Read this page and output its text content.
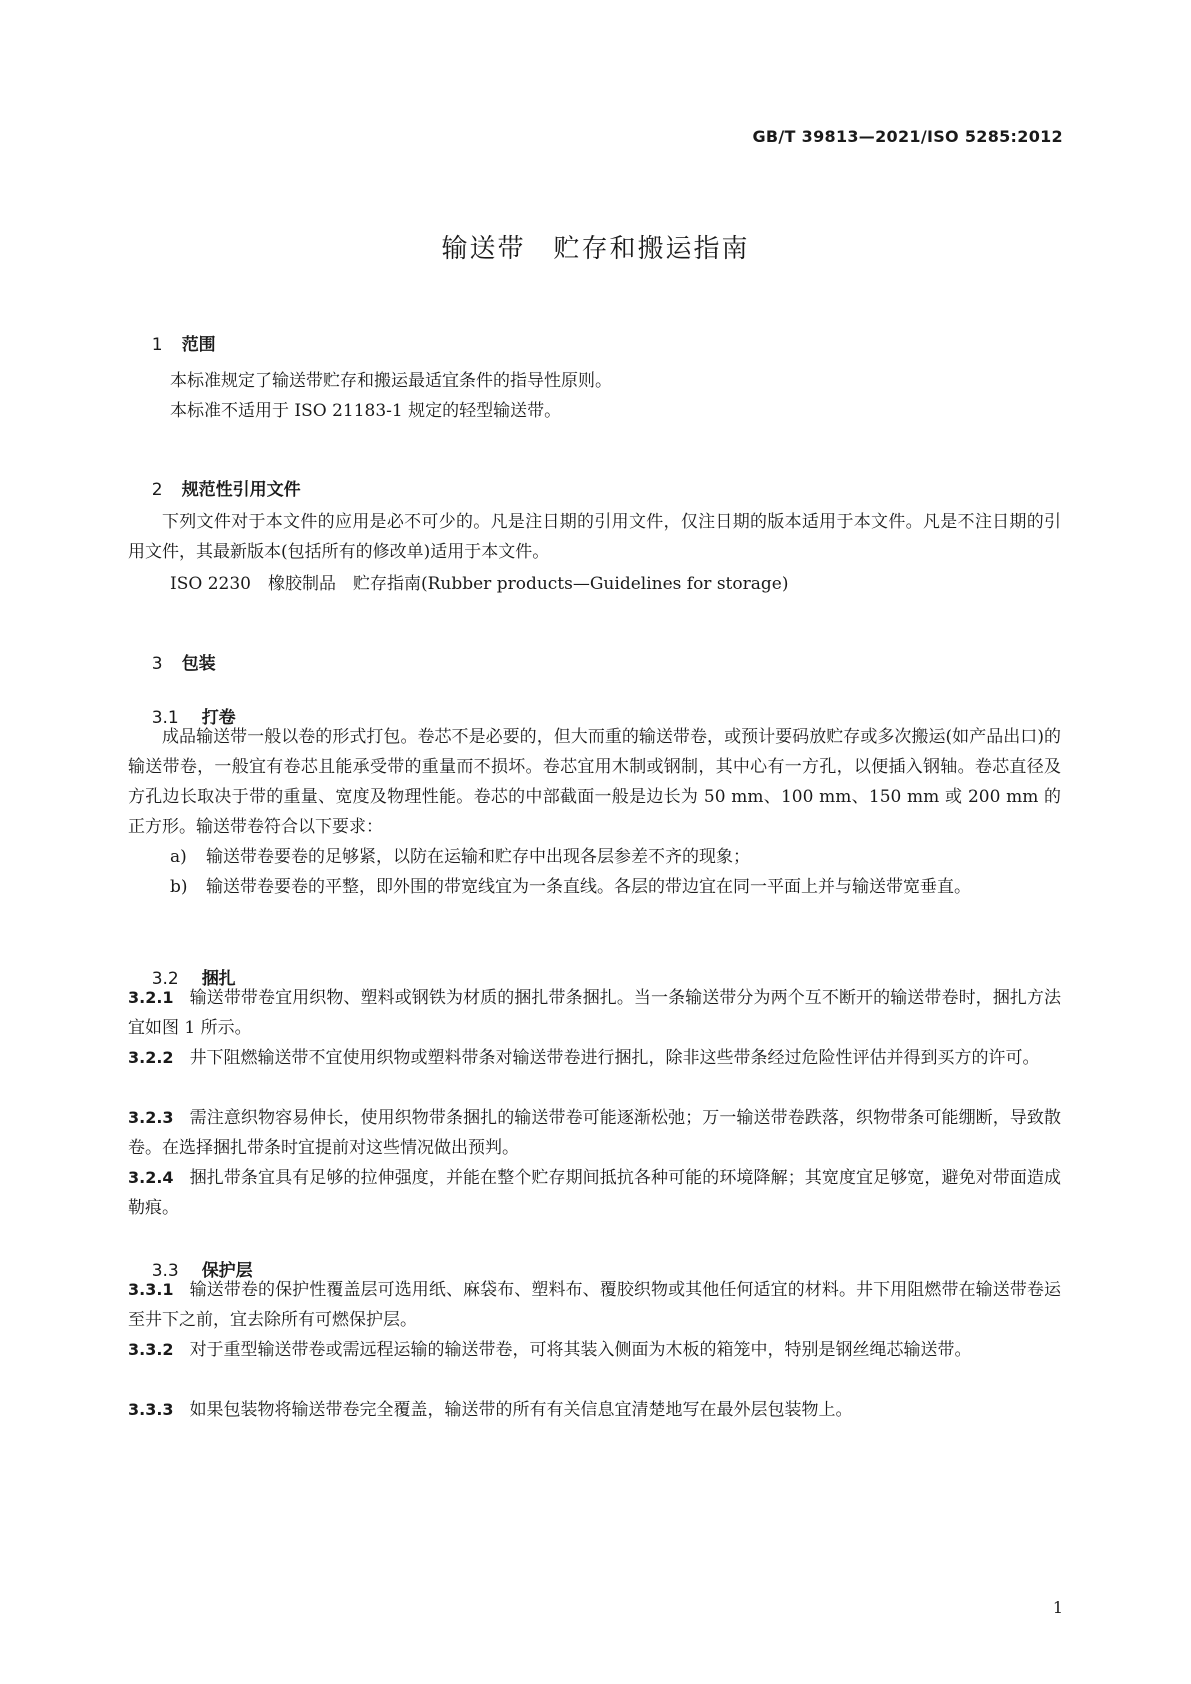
GB/T 39813—2021/ISO 5285:2012
输送带　贮存和搬运指南

1 范围

本标准规定了输送带贮存和搬运最适宜条件的指导性原则。
本标准不适用于 ISO 21183-1 规定的轻型输送带。

2 规范性引用文件

下列文件对于本文件的应用是必不可少的。凡是注日期的引用文件，仅注日期的版本适用于本文件。凡是不注日期的引用文件，其最新版本(包括所有的修改单)适用于本文件。
ISO 2230　橡胶制品　贮存指南(Rubber products—Guidelines for storage)

3 包装

3.1 打卷

成品输送带一般以卷的形式打包。卷芯不是必要的，但大而重的输送带卷，或预计要码放贮存或多次搬运(如产品出口)的输送带卷，一般宜有卷芯且能承受带的重量而不损坏。卷芯宜用木制或钢制，其中心有一方孔，以便插入钢轴。卷芯直径及方孔边长取决于带的重量、宽度及物理性能。卷芯的中部截面一般是边长为 50 mm、100 mm、150 mm 或 200 mm 的正方形。输送带卷符合以下要求：
a) 输送带卷要卷的足够紧，以防在运输和贮存中出现各层参差不齐的现象；
b) 输送带卷要卷的平整，即外围的带宽线宜为一条直线。各层的带边宜在同一平面上并与输送带宽垂直。

3.2 捆扎

3.2.1 输送带带卷宜用织物、塑料或钢铁为材质的捆扎带条捆扎。当一条输送带分为两个互不断开的输送带卷时，捆扎方法宜如图 1 所示。
3.2.2 井下阻燃输送带不宜使用织物或塑料带条对输送带卷进行捆扎，除非这些带条经过危险性评估并得到买方的许可。
3.2.3 需注意织物容易伸长，使用织物带条捆扎的输送带卷可能逐渐松弛；万一输送带卷跌落，织物带条可能绷断，导致散卷。在选择捆扎带条时宜提前对这些情况做出预判。
3.2.4 捆扎带条宜具有足够的拉伸强度，并能在整个贮存期间抵抗各种可能的环境降解；其宽度宜足够宽，避免对带面造成勒痕。

3.3 保护层

3.3.1 输送带卷的保护性覆盖层可选用纸、麻袋布、塑料布、覆胶织物或其他任何适宜的材料。井下用阻燃带在输送带卷运至井下之前，宜去除所有可燃保护层。
3.3.2 对于重型输送带卷或需远程运输的输送带卷，可将其装入侧面为木板的箱笼中，特别是钢丝绳芯输送带。
3.3.3 如果包装物将输送带卷完全覆盖，输送带的所有有关信息宜清楚地写在最外层包装物上。
1
